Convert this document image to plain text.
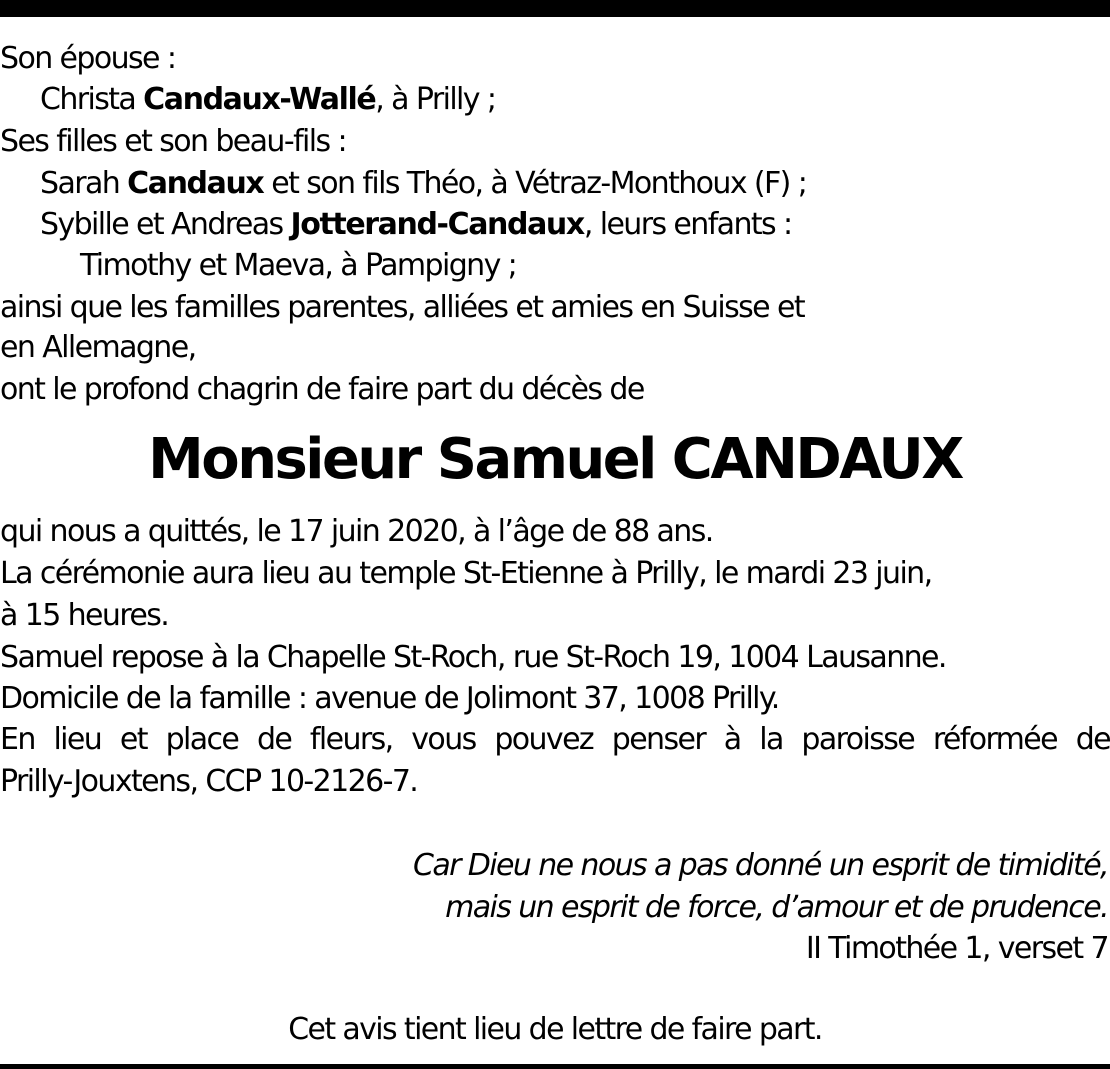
Son épouse :
Christa Candaux-Wallé, à Prilly ;
Ses filles et son beau-fils :
Sarah Candaux et son fils Théo, à Vétraz-Monthoux (F) ;
Sybille et Andreas Jotterand-Candaux, leurs enfants :
Timothy et Maeva, à Pampigny ;
ainsi que les familles parentes, alliées et amies en Suisse et
en Allemagne,
ont le profond chagrin de faire part du décès de
Monsieur Samuel CANDAUX
qui nous a quittés, le 17 juin 2020, à l’âge de 88 ans.
La cérémonie aura lieu au temple St-Etienne à Prilly, le mardi 23 juin,
à 15 heures.
Samuel repose à la Chapelle St-Roch, rue St-Roch 19, 1004 Lausanne.
Domicile de la famille : avenue de Jolimont 37, 1008 Prilly.
En lieu et place de fleurs, vous pouvez penser à la paroisse réformée de
Prilly-Jouxtens, CCP 10-2126-7.
Car Dieu ne nous a pas donné un esprit de timidité,
mais un esprit de force, d’amour et de prudence.
II Timothée 1, verset 7
Cet avis tient lieu de lettre de faire part.
